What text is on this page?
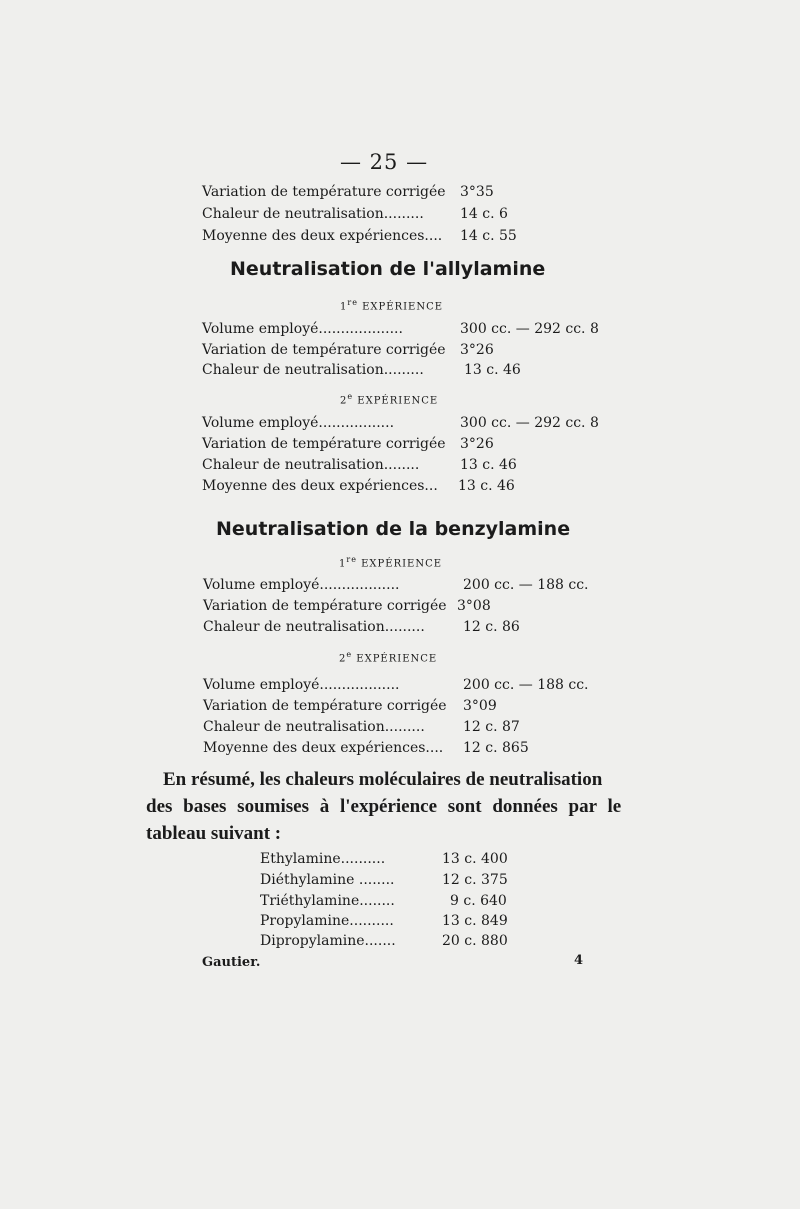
— 25 —
Variation de température corrigée 3°35
Chaleur de neutralisation.........	14 c. 6
Moyenne des deux expériences.... 14 c. 55
Neutralisation de l'allylamine
1re EXPÉRIENCE
Volume employé...................	300 cc. — 292 cc. 8
Variation de température corrigée 3°26
Chaleur de neutralisation.........	13 c. 46
2e EXPÉRIENCE
Volume employé.................	300 cc. — 292 cc. 8
Variation de température corrigée 3°26
Chaleur de neutralisation........	13 c. 46
Moyenne des deux expériences... 13 c. 46
Neutralisation de la benzylamine
1re EXPÉRIENCE
Volume employé..................	200 cc. — 188 cc.
Variation de température corrigée 3°08
Chaleur de neutralisation.........	12 c. 86
2e EXPÉRIENCE
Volume employé..................	200 cc. — 188 cc.
Variation de température corrigée 3°09
Chaleur de neutralisation.........	12 c. 87
Moyenne des deux expériences.... 12 c. 865
En résumé, les chaleurs moléculaires de neutralisation
des bases soumises à l'expérience sont données par le
tableau suivant :
Ethylamine..........	13 c. 400
Diéthylamine ........	12 c. 375
Triéthylamine........	9 c. 640
Propylamine..........	13 c. 849
Dipropylamine.......	20 c. 880
Gautier.	4
